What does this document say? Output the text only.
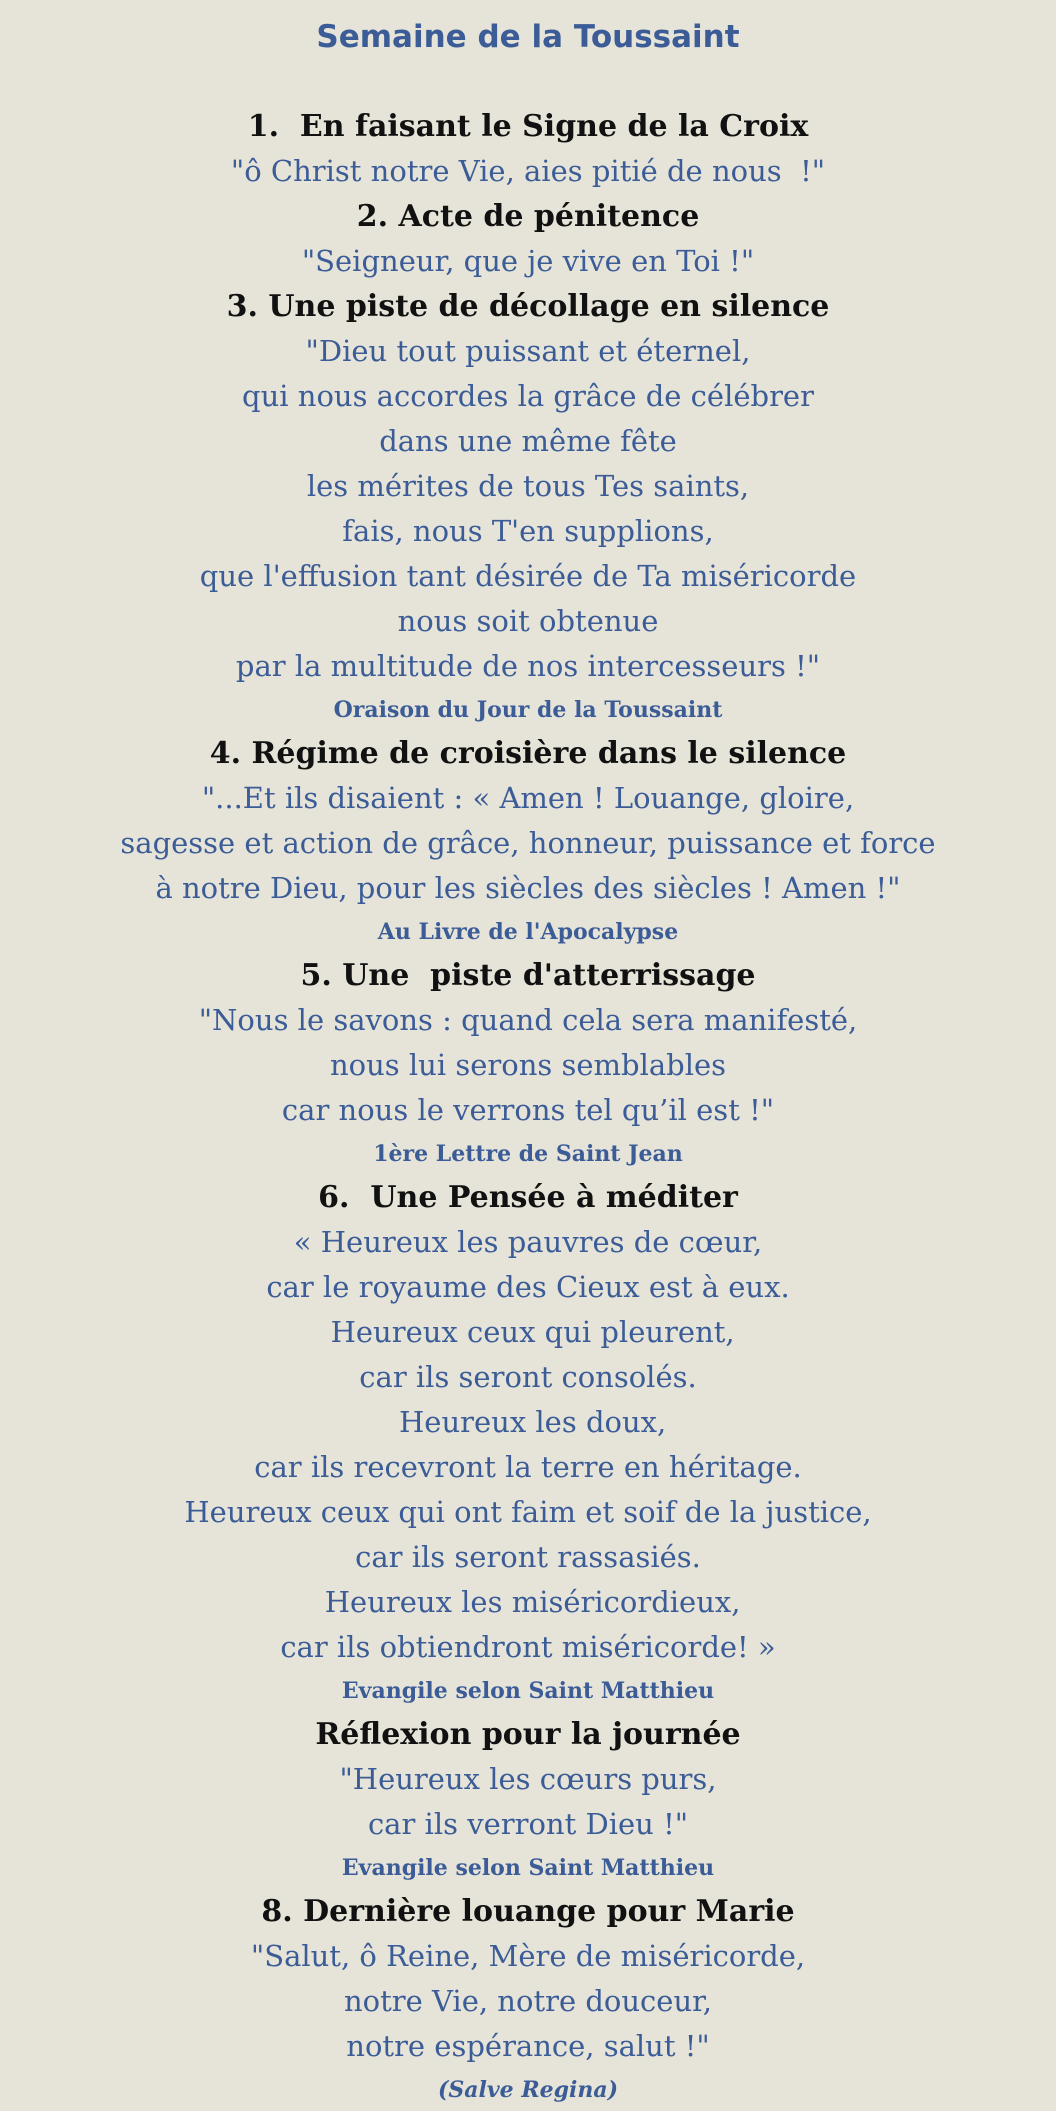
Semaine de la Toussaint
1.  En faisant le Signe de la Croix
"ô Christ notre Vie, aies pitié de nous  !"
2. Acte de pénitence
"Seigneur, que je vive en Toi !"
3. Une piste de décollage en silence
"Dieu tout puissant et éternel,
qui nous accordes la grâce de célébrer
dans une même fête
les mérites de tous Tes saints,
fais, nous T'en supplions,
que l'effusion tant désirée de Ta miséricorde
nous soit obtenue
par la multitude de nos intercesseurs !"
Oraison du Jour de la Toussaint
4. Régime de croisière dans le silence
"...Et ils disaient : « Amen ! Louange, gloire,
sagesse et action de grâce, honneur, puissance et force
à notre Dieu, pour les siècles des siècles ! Amen !"
Au Livre de l'Apocalypse
5. Une  piste d'atterrissage
"Nous le savons : quand cela sera manifesté,
nous lui serons semblables
car nous le verrons tel qu’il est !"
1ère Lettre de Saint Jean
6.  Une Pensée à méditer
« Heureux les pauvres de cœur,
car le royaume des Cieux est à eux.
Heureux ceux qui pleurent,
car ils seront consolés.
Heureux les doux,
car ils recevront la terre en héritage.
Heureux ceux qui ont faim et soif de la justice,
car ils seront rassasiés.
Heureux les miséricordieux,
car ils obtiendront miséricorde! »
Evangile selon Saint Matthieu
Réflexion pour la journée
"Heureux les cœurs purs,
car ils verront Dieu !"
Evangile selon Saint Matthieu
8. Dernière louange pour Marie
"Salut, ô Reine, Mère de miséricorde,
notre Vie, notre douceur,
notre espérance, salut !"
(Salve Regina)
